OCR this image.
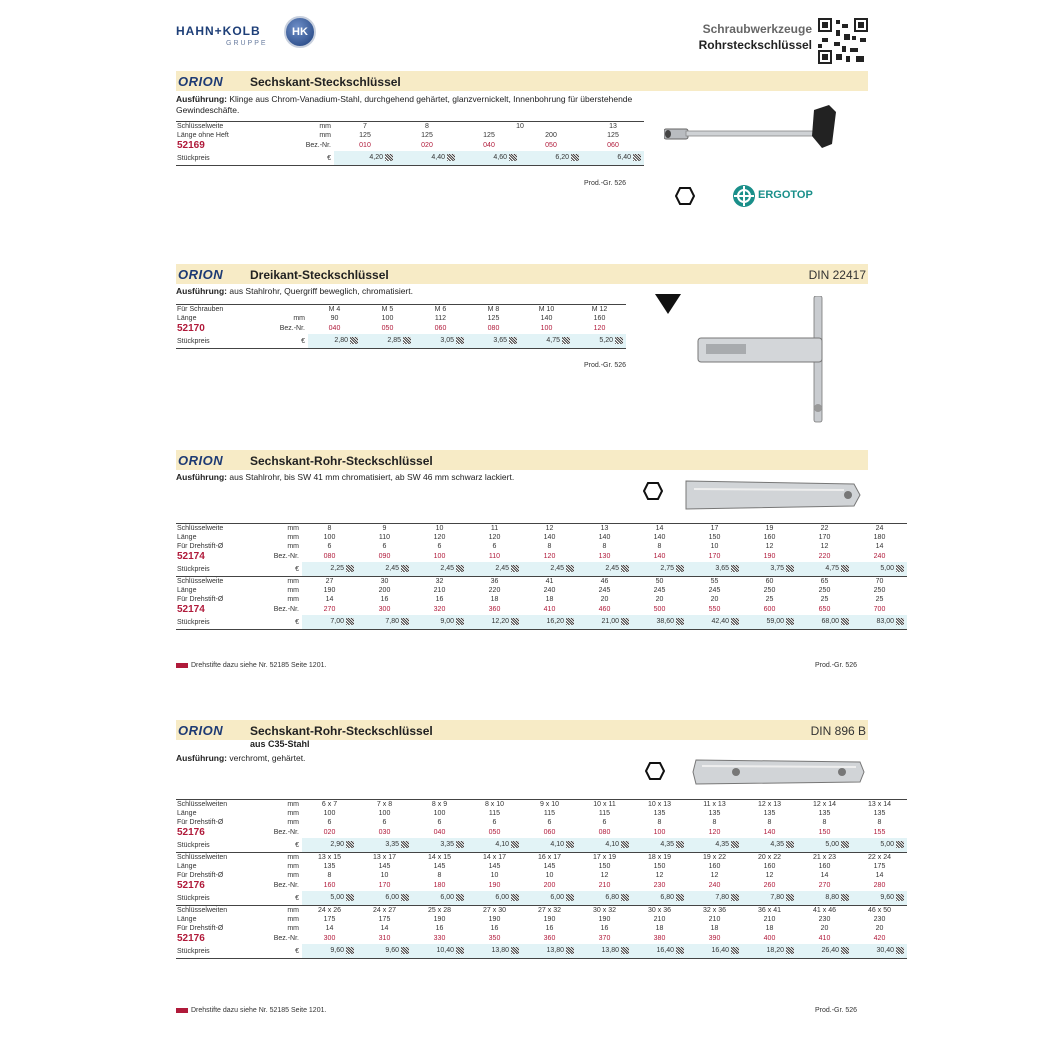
HAHN+KOLB
GRUPPE
HK	Schraubwerkzeuge
Rohrsteckschlüssel
ORION Sechskant-Steckschlüssel
Ausführung: Klinge aus Chrom-Vanadium-Stahl, durchgehend gehärtet, glanzvernickelt, Innenbohrung für überstehende Gewindeschäfte.
Schlüsselweite	mm	7	8	10		13
Länge ohne Heft	mm	125	125	125	200	125
52169	Bez.-Nr.	010	020	040	050	060
Stückpreis	€	4,20	4,40	4,60	6,20	6,40
Prod.-Gr. 526
ERGOTOP
ORION Dreikant-Steckschlüssel	DIN 22417
Ausführung: aus Stahlrohr, Quergriff beweglich, chromatisiert.
Für Schrauben		M 4	M 5	M 6	M 8	M 10	M 12
Länge	mm	90	100	112	125	140	160
52170	Bez.-Nr.	040	050	060	080	100	120
Stückpreis	€	2,80	2,85	3,05	3,65	4,75	5,20
Prod.-Gr. 526
ORION Sechskant-Rohr-Steckschlüssel
Ausführung: aus Stahlrohr, bis SW 41 mm chromatisiert, ab SW 46 mm schwarz lackiert.
Schlüsselweite	mm	8	9	10	11	12	13	14	17	19	22	24
Länge	mm	100	110	120	120	140	140	140	150	160	170	180
Für Drehstift-Ø	mm	6	6	6	6	8	8	8	10	12	12	14
52174	Bez.-Nr.	080	090	100	110	120	130	140	170	190	220	240
Stückpreis	€	2,25	2,45	2,45	2,45	2,45	2,45	2,75	3,65	3,75	4,75	5,00
Schlüsselweite	mm	27	30	32	36	41	46	50	55	60	65	70
Länge	mm	190	200	210	220	240	245	245	245	250	250	250
Für Drehstift-Ø	mm	14	16	16	18	18	20	20	20	25	25	25
52174	Bez.-Nr.	270	300	320	360	410	460	500	550	600	650	700
Stückpreis	€	7,00	7,80	9,00	12,20	16,20	21,00	38,60	42,40	59,00	68,00	83,00
Drehstifte dazu siehe Nr. 52185 Seite 1201.	Prod.-Gr. 526
ORION Sechskant-Rohr-Steckschlüssel	DIN 896 B
aus C35-Stahl
Ausführung: verchromt, gehärtet.
Schlüsselweiten	mm	6 x 7	7 x 8	8 x 9	8 x 10	9 x 10	10 x 11	10 x 13	11 x 13	12 x 13	12 x 14	13 x 14
Länge	mm	100	100	100	115	115	115	135	135	135	135	135
Für Drehstift-Ø	mm	6	6	6	6	6	6	8	8	8	8	8
52176	Bez.-Nr.	020	030	040	050	060	080	100	120	140	150	155
Stückpreis	€	2,90	3,35	3,35	4,10	4,10	4,10	4,35	4,35	4,35	5,00	5,00
Schlüsselweiten	mm	13 x 15	13 x 17	14 x 15	14 x 17	16 x 17	17 x 19	18 x 19	19 x 22	20 x 22	21 x 23	22 x 24
Länge	mm	135	145	145	145	145	150	150	160	160	160	175
Für Drehstift-Ø	mm	8	10	8	10	10	12	12	12	12	14	14
52176	Bez.-Nr.	160	170	180	190	200	210	230	240	260	270	280
Stückpreis	€	5,00	6,00	6,00	6,00	6,00	6,80	6,80	7,80	7,80	8,80	9,60
Schlüsselweiten	mm	24 x 26	24 x 27	25 x 28	27 x 30	27 x 32	30 x 32	30 x 36	32 x 36	36 x 41	41 x 46	46 x 50
Länge	mm	175	175	190	190	190	190	210	210	210	230	230
Für Drehstift-Ø	mm	14	14	16	16	16	16	18	18	18	20	20
52176	Bez.-Nr.	300	310	330	350	360	370	380	390	400	410	420
Stückpreis	€	9,60	9,60	10,40	13,80	13,80	13,80	16,40	16,40	18,20	26,40	30,40
Drehstifte dazu siehe Nr. 52185 Seite 1201.	Prod.-Gr. 526
